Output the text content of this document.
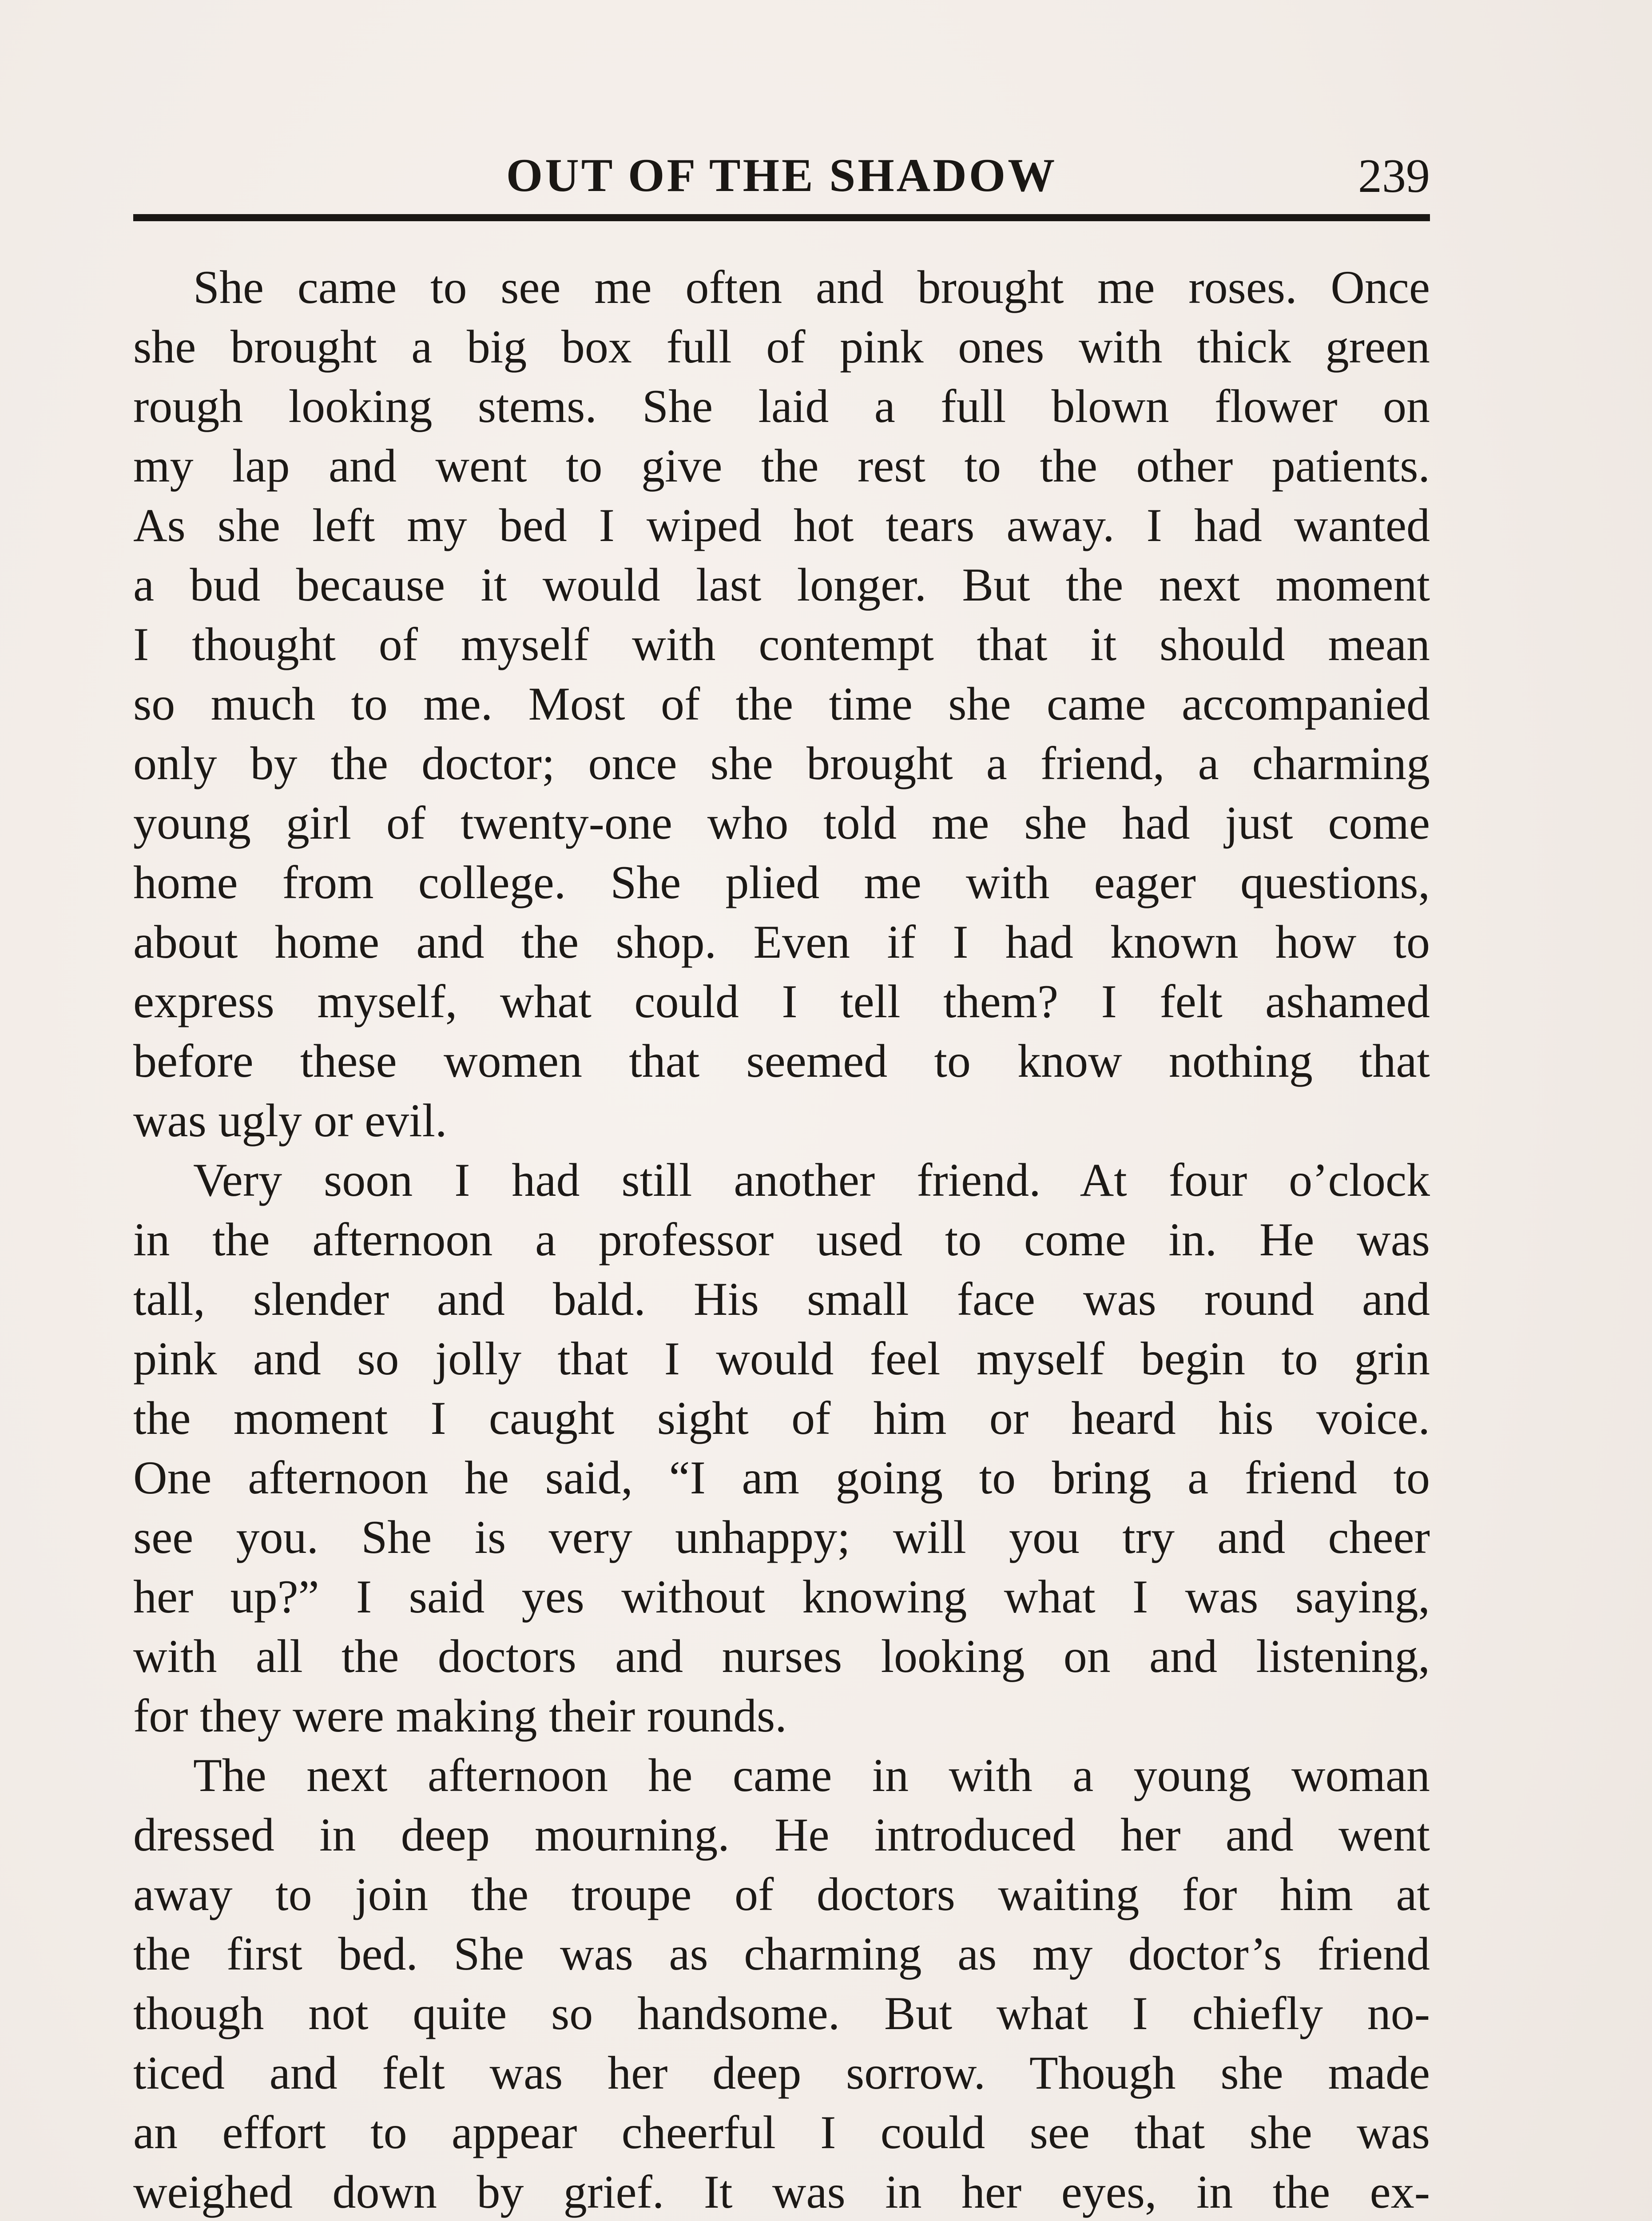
OUT OF THE SHADOW	239

She came to see me often and brought me roses. Once
she brought a big box full of pink ones with thick green
rough looking stems. She laid a full blown flower on
my lap and went to give the rest to the other patients.
As she left my bed I wiped hot tears away. I had wanted
a bud because it would last longer. But the next moment
I thought of myself with contempt that it should mean
so much to me. Most of the time she came accompanied
only by the doctor; once she brought a friend, a charming
young girl of twenty-one who told me she had just come
home from college. She plied me with eager questions,
about home and the shop. Even if I had known how to
express myself, what could I tell them? I felt ashamed
before these women that seemed to know nothing that
was ugly or evil.

Very soon I had still another friend. At four o’clock
in the afternoon a professor used to come in. He was
tall, slender and bald. His small face was round and
pink and so jolly that I would feel myself begin to grin
the moment I caught sight of him or heard his voice.
One afternoon he said, “I am going to bring a friend to
see you. She is very unhappy; will you try and cheer
her up?” I said yes without knowing what I was saying,
with all the doctors and nurses looking on and listening,
for they were making their rounds.

The next afternoon he came in with a young woman
dressed in deep mourning. He introduced her and went
away to join the troupe of doctors waiting for him at
the first bed. She was as charming as my doctor’s friend
though not quite so handsome. But what I chiefly no-
ticed and felt was her deep sorrow. Though she made
an effort to appear cheerful I could see that she was
weighed down by grief. It was in her eyes, in the ex-
